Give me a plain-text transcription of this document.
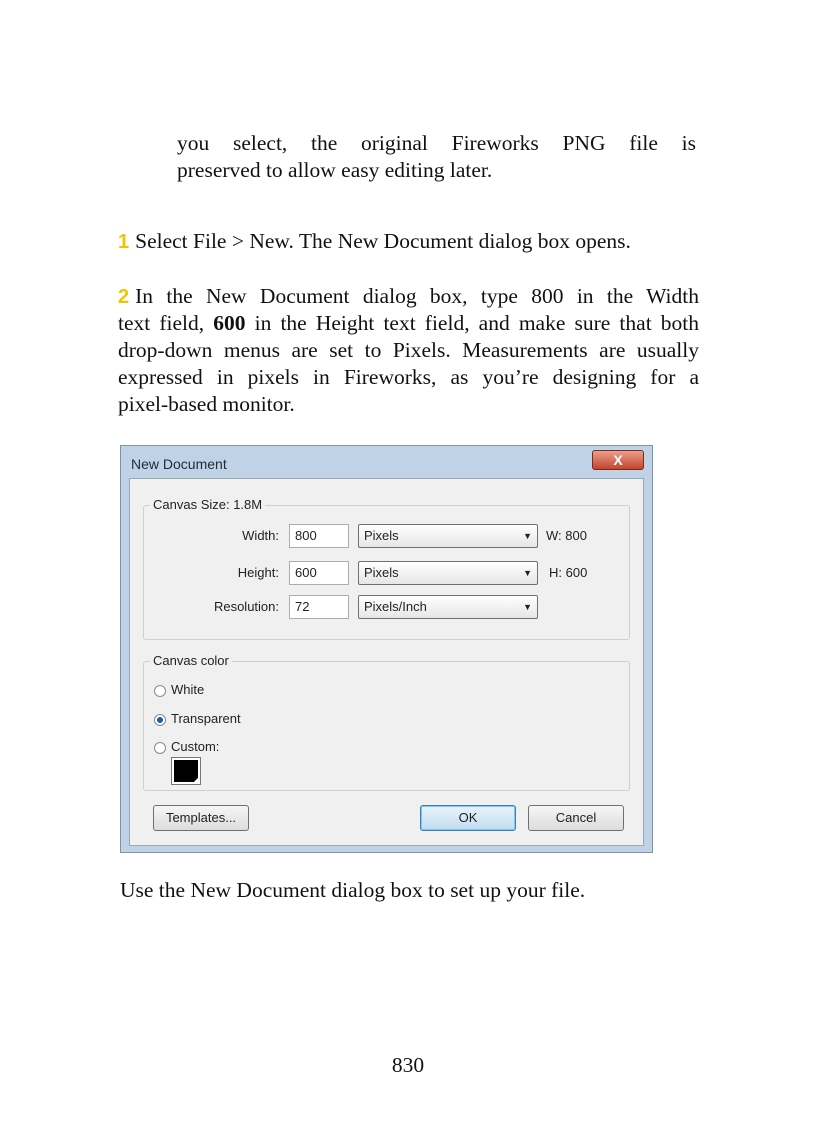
you select, the original Fireworks PNG file is

preserved to allow easy editing later.

1 Select File > New. The New Document dialog box opens.

2 In the New Document dialog box, type 800 in the Width

text field, 600 in the Height text field, and make sure that both

drop-down menus are set to Pixels. Measurements are usually

expressed in pixels in Fireworks, as you’re designing for a

pixel-based monitor.

New Document	X
Canvas Size: 1.8M
Width:	800	Pixels	▼ W: 800
Height:	600	Pixels	▼ H: 600
Resolution:	72	Pixels/Inch	▼
Canvas color
White
Transparent
Custom:
◢
Templates...	OK	Cancel

Use the New Document dialog box to set up your file.

830
